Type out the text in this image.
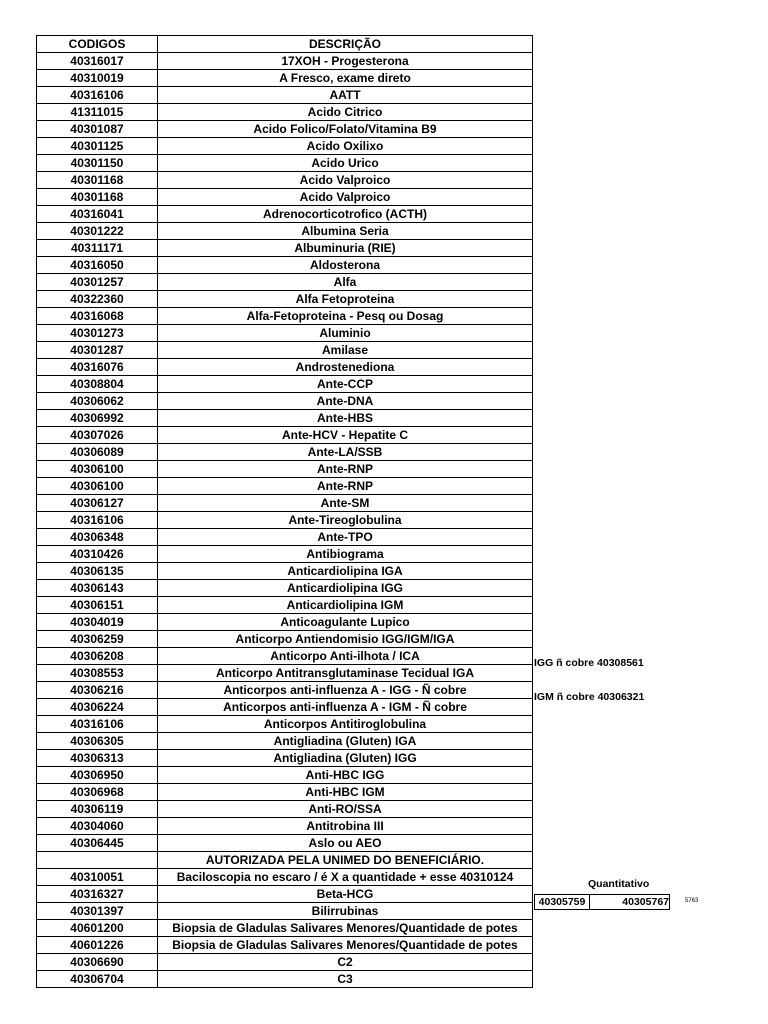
CODIGOS	DESCRIÇÃO
40316017	17XOH - Progesterona
40310019	A Fresco, exame direto
40316106	AATT
41311015	Acido Citrico
40301087	Acido Folico/Folato/Vitamina B9
40301125	Acido Oxilixo
40301150	Acido Urico
40301168	Acido Valproico
40301168	Acido Valproico
40316041	Adrenocorticotrofico (ACTH)
40301222	Albumina Seria
40311171	Albuminuria (RIE)
40316050	Aldosterona
40301257	Alfa
40322360	Alfa Fetoproteina
40316068	Alfa-Fetoproteina - Pesq ou Dosag
40301273	Aluminio
40301287	Amilase
40316076	Androstenediona
40308804	Ante-CCP
40306062	Ante-DNA
40306992	Ante-HBS
40307026	Ante-HCV - Hepatite C
40306089	Ante-LA/SSB
40306100	Ante-RNP
40306100	Ante-RNP
40306127	Ante-SM
40316106	Ante-Tireoglobulina
40306348	Ante-TPO
40310426	Antibiograma
40306135	Anticardiolipina IGA
40306143	Anticardiolipina IGG
40306151	Anticardiolipina IGM
40304019	Anticoagulante Lupico
40306259	Anticorpo Antiendomisio IGG/IGM/IGA
40306208	Anticorpo Anti-ilhota / ICA
40308553	Anticorpo Antitransglutaminase Tecidual IGA
40306216	Anticorpos anti-influenza A - IGG - Ñ cobre
40306224	Anticorpos anti-influenza A - IGM - Ñ cobre
40316106	Anticorpos Antitiroglobulina
40306305	Antigliadina (Gluten) IGA
40306313	Antigliadina (Gluten) IGG
40306950	Anti-HBC IGG
40306968	Anti-HBC IGM
40306119	Anti-RO/SSA
40304060	Antitrobina III
40306445	Aslo ou AEO
	AUTORIZADA PELA UNIMED DO BENEFICIÁRIO.
40310051	Baciloscopia no escaro / é X a quantidade + esse 40310124
40316327	Beta-HCG
40301397	Bilirrubinas
40601200	Biopsia de Gladulas Salivares Menores/Quantidade de potes
40601226	Biopsia de Gladulas Salivares Menores/Quantidade de potes
40306690	C2
40306704	C3
IGG ñ cobre 40308561
IGM ñ cobre 40306321
Quantitativo
40305759	40305767	5763
